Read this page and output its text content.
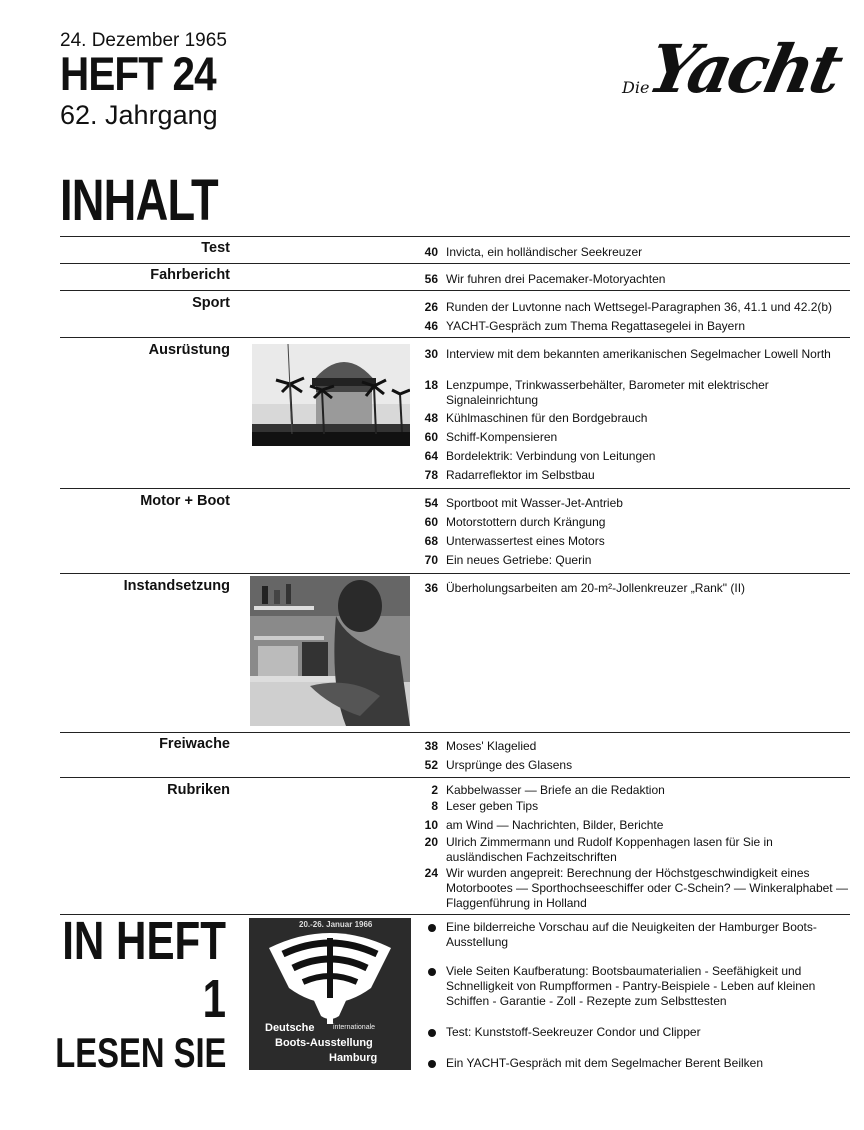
24. Dezember 1965
HEFT 24
62. Jahrgang
Die
Yacht
INHALT
Test	40 Invicta, ein holländischer Seekreuzer
Fahrbericht	56 Wir fuhren drei Pacemaker-Motoryachten
Sport	26 Runden der Luvtonne nach Wettsegel-Paragraphen 36, 41.1 und 42.2(b)
46 YACHT-Gespräch zum Thema Regattasegelei in Bayern
Ausrüstung	30 Interview mit dem bekannten amerikanischen Segelmacher Lowell North
18 Lenzpumpe, Trinkwasserbehälter, Barometer mit elektrischer Signaleinrichtung
48 Kühlmaschinen für den Bordgebrauch
60 Schiff-Kompensieren
64 Bordelektrik: Verbindung von Leitungen
78 Radarreflektor im Selbstbau
Motor + Boot	54 Sportboot mit Wasser-Jet-Antrieb
60 Motorstottern durch Krängung
68 Unterwassertest eines Motors
70 Ein neues Getriebe: Querin
Instandsetzung	36 Überholungsarbeiten am 20-m²-Jollenkreuzer „Rank" (II)
Freiwache	38 Moses' Klagelied
52 Ursprünge des Glasens
Rubriken	2 Kabbelwasser — Briefe an die Redaktion
8 Leser geben Tips
10 am Wind — Nachrichten, Bilder, Berichte
20 Ulrich Zimmermann und Rudolf Koppenhagen lasen für Sie in ausländischen Fachzeitschriften
24 Wir wurden angepreit: Berechnung der Höchstgeschwindigkeit eines Motorbootes — Sporthochseeschiffer oder C-Schein? — Winkeralphabet — Flaggenführung in Holland
IN HEFT
1
LESEN SIE
20.-26. Januar 1966
Deutsche	internationale
Boots-Ausstellung
Hamburg
Eine bilderreiche Vorschau auf die Neuigkeiten der Hamburger Boots-Ausstellung
Viele Seiten Kaufberatung: Bootsbaumaterialien - Seefähigkeit und Schnelligkeit von Rumpfformen - Pantry-Beispiele - Leben auf kleinen Schiffen - Garantie - Zoll - Rezepte zum Selbsttesten
Test: Kunststoff-Seekreuzer Condor und Clipper
Ein YACHT-Gespräch mit dem Segelmacher Berent Beilken
